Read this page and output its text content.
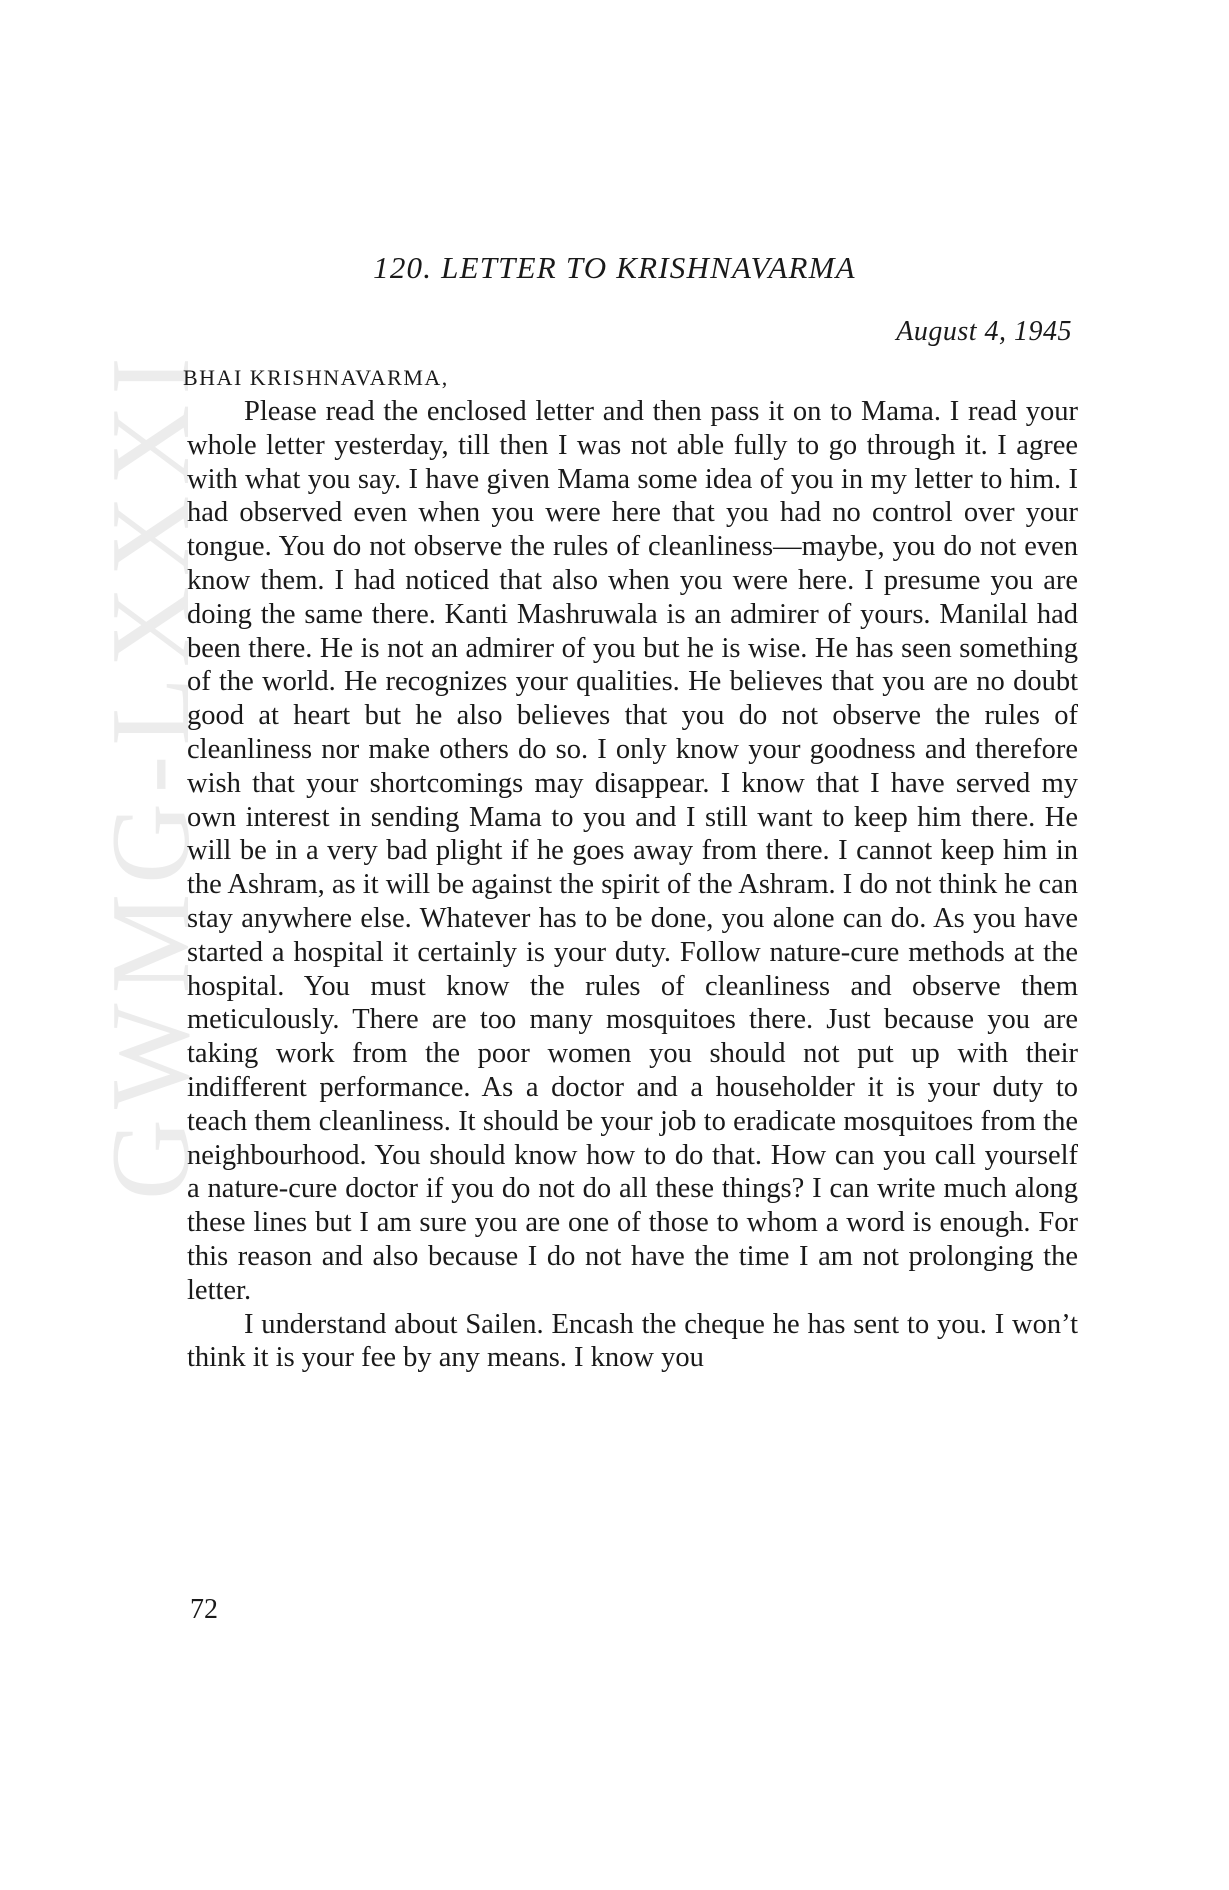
GWMG-LXXXI
120. LETTER TO KRISHNAVARMA
August 4, 1945
BHAI KRISHNAVARMA,

Please read the enclosed letter and then pass it on to Mama. I read your whole letter yesterday, till then I was not able fully to go through it. I agree with what you say. I have given Mama some idea of you in my letter to him. I had observed even when you were here that you had no control over your tongue. You do not observe the rules of cleanliness—maybe, you do not even know them. I had noticed that also when you were here. I presume you are doing the same there. Kanti Mashruwala is an admirer of yours. Manilal had been there. He is not an admirer of you but he is wise. He has seen something of the world. He recognizes your qualities. He believes that you are no doubt good at heart but he also believes that you do not observe the rules of cleanliness nor make others do so. I only know your goodness and therefore wish that your shortcomings may disappear. I know that I have served my own interest in sending Mama to you and I still want to keep him there. He will be in a very bad plight if he goes away from there. I cannot keep him in the Ashram, as it will be against the spirit of the Ashram. I do not think he can stay anywhere else. Whatever has to be done, you alone can do. As you have started a hospital it certainly is your duty. Follow nature-cure methods at the hospital. You must know the rules of cleanliness and observe them meticulously. There are too many mosquitoes there. Just because you are taking work from the poor women you should not put up with their indifferent performance. As a doctor and a householder it is your duty to teach them cleanliness. It should be your job to eradicate mosquitoes from the neighbourhood. You should know how to do that. How can you call yourself a nature-cure doctor if you do not do all these things? I can write much along these lines but I am sure you are one of those to whom a word is enough. For this reason and also because I do not have the time I am not prolonging the letter.

I understand about Sailen. Encash the cheque he has sent to you. I won’t think it is your fee by any means. I know you

72
